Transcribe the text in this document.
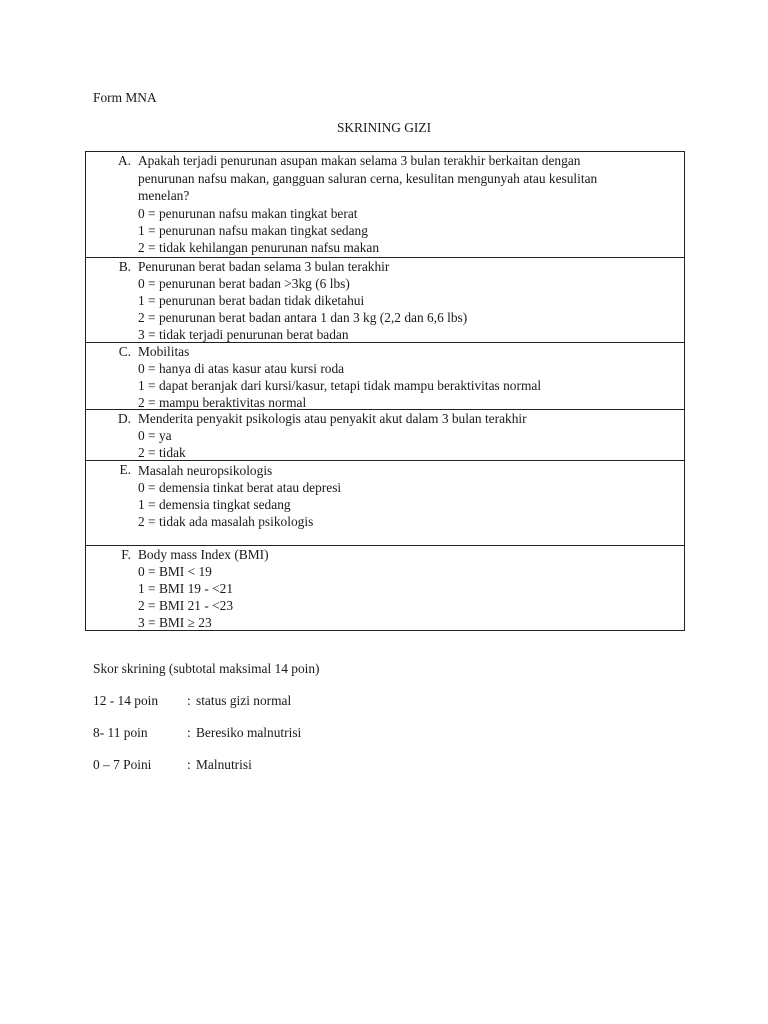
Form MNA
SKRINING GIZI
A. Apakah terjadi penurunan asupan makan selama 3 bulan terakhir berkaitan dengan
penurunan nafsu makan, gangguan saluran cerna, kesulitan mengunyah atau kesulitan
menelan?
0 = penurunan nafsu makan tingkat berat
1 = penurunan nafsu makan tingkat sedang
2 = tidak kehilangan penurunan nafsu makan
B. Penurunan berat badan selama 3 bulan terakhir
0 = penurunan berat badan >3kg (6 lbs)
1 = penurunan berat badan tidak diketahui
2 = penurunan berat badan antara 1 dan 3 kg (2,2 dan 6,6 lbs)
3 = tidak terjadi penurunan berat badan
C. Mobilitas
0 = hanya di atas kasur atau kursi roda
1 = dapat beranjak dari kursi/kasur, tetapi tidak mampu beraktivitas normal
2 = mampu beraktivitas normal
D. Menderita penyakit psikologis atau penyakit akut dalam 3 bulan terakhir
0 = ya
2 = tidak
E. Masalah neuropsikologis
0 = demensia tinkat berat atau depresi
1 = demensia tingkat sedang
2 = tidak ada masalah psikologis
F. Body mass Index (BMI)
0 = BMI < 19
1 = BMI 19 - <21
2 = BMI 21 - <23
3 = BMI ≥ 23
Skor skrining (subtotal maksimal 14 poin)
12 - 14 poin : status gizi normal
8- 11 poin	: Beresiko malnutrisi
0 – 7 Poini	: Malnutrisi
